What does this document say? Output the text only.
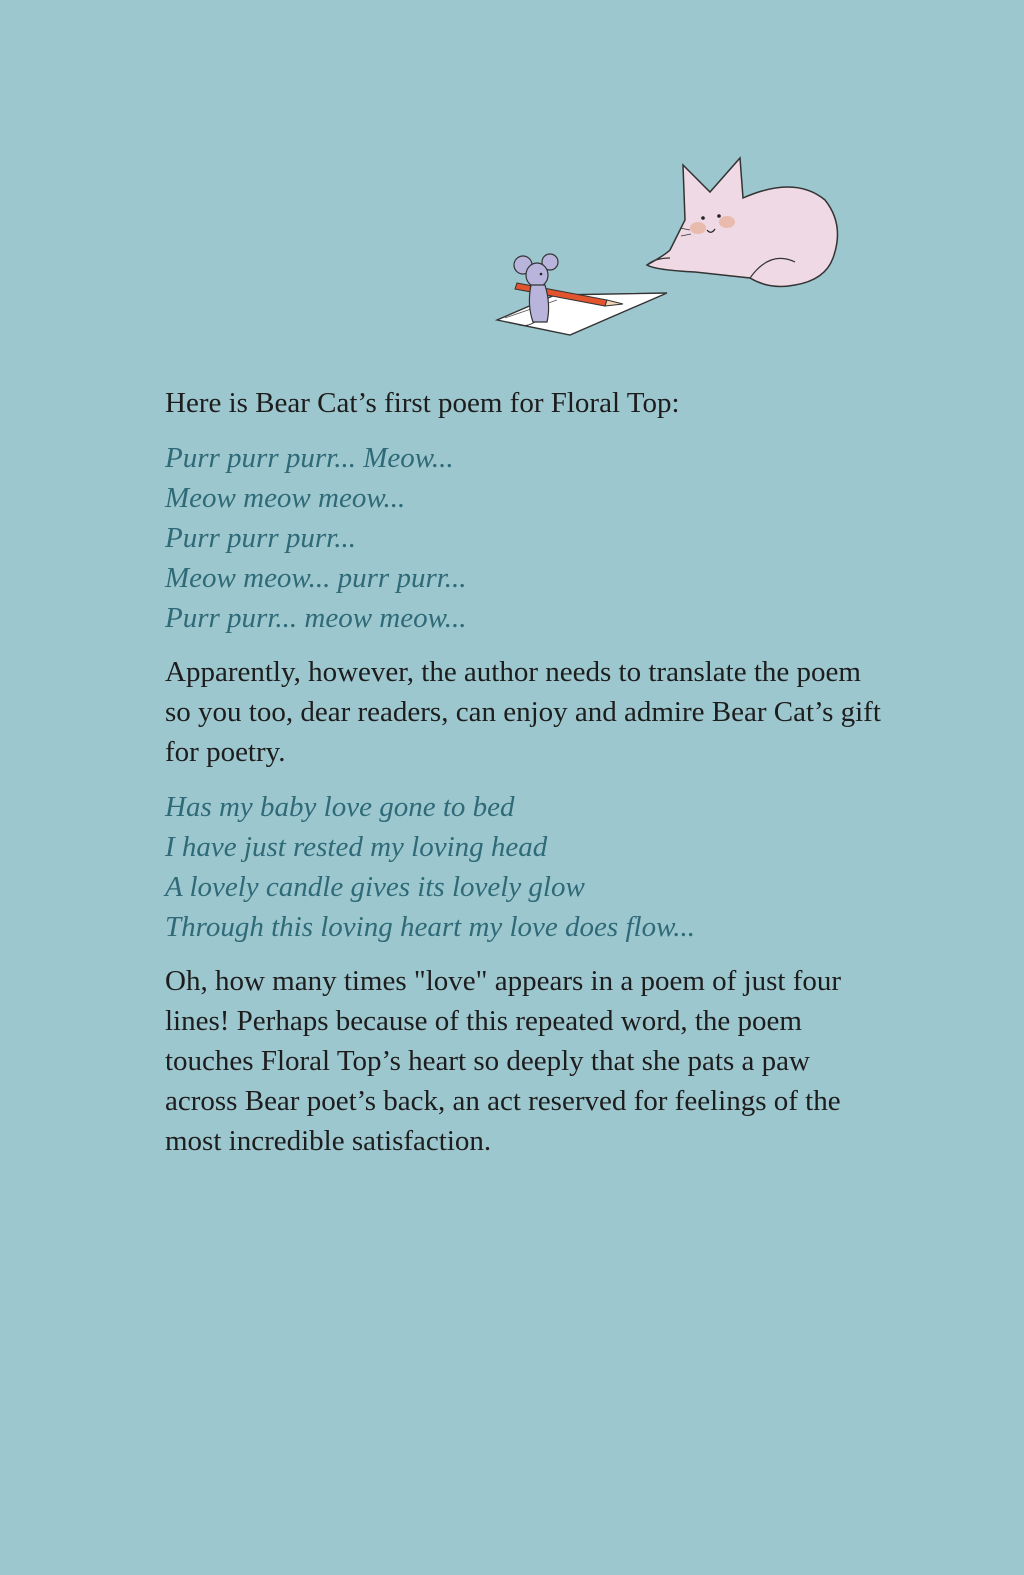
Here is Bear Cat’s first poem for Floral Top:

Purr purr purr... Meow...
Meow meow meow...
Purr purr purr...
Meow meow... purr purr...
Purr purr... meow meow...

Apparently, however, the author needs to translate the poem so you too, dear readers, can enjoy and admire Bear Cat’s gift for poetry.

Has my baby love gone to bed
I have just rested my loving head
A lovely candle gives its lovely glow
Through this loving heart my love does flow...

Oh, how many times "love" appears in a poem of just four lines! Perhaps because of this repeated word, the poem touches Floral Top’s heart so deeply that she pats a paw across Bear poet’s back, an act reserved for feelings of the most incredible satisfaction.
